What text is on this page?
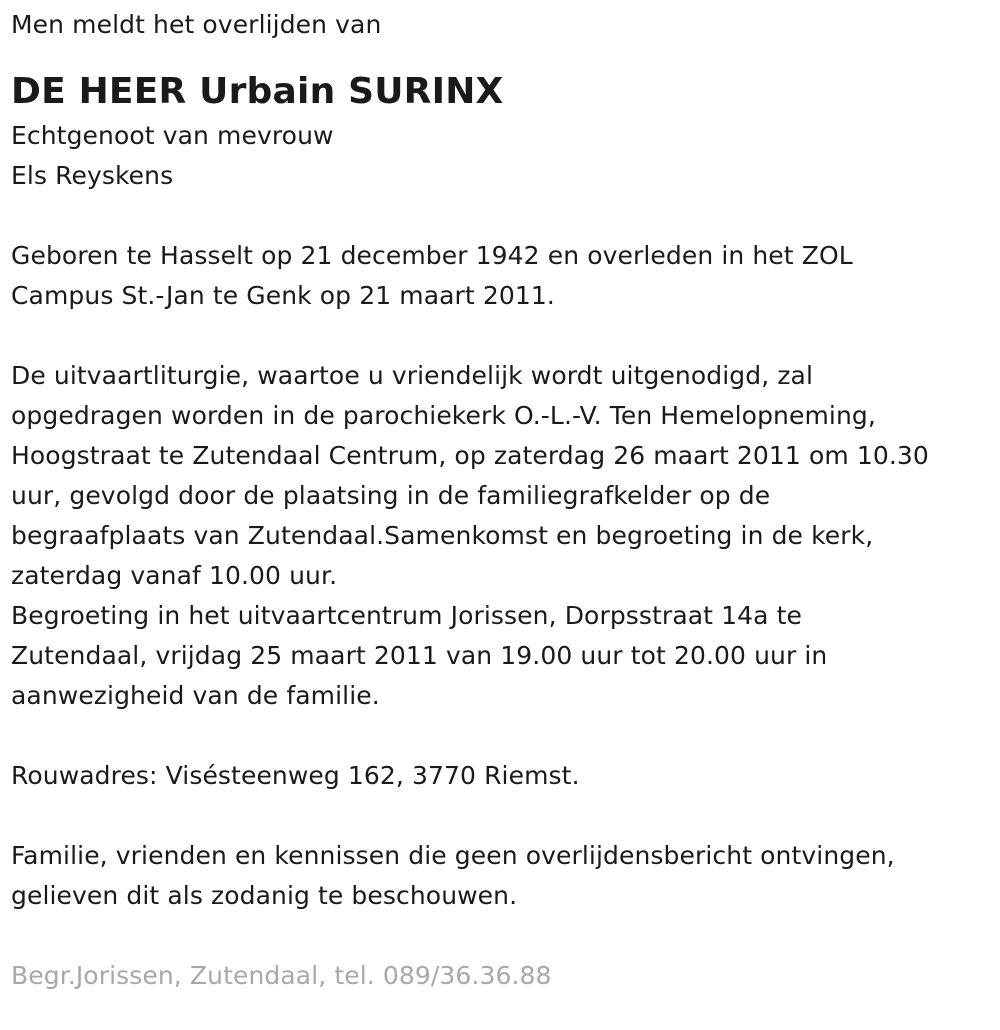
Men meldt het overlijden van
DE HEER Urbain SURINX
Echtgenoot van mevrouw
Els Reyskens
Geboren te Hasselt op 21 december 1942 en overleden in het ZOL
Campus St.-Jan te Genk op 21 maart 2011.
De uitvaartliturgie, waartoe u vriendelijk wordt uitgenodigd, zal
opgedragen worden in de parochiekerk O.-L.-V. Ten Hemelopneming,
Hoogstraat te Zutendaal Centrum, op zaterdag 26 maart 2011 om 10.30
uur, gevolgd door de plaatsing in de familiegrafkelder op de
begraafplaats van Zutendaal.Samenkomst en begroeting in de kerk,
zaterdag vanaf 10.00 uur.
Begroeting in het uitvaartcentrum Jorissen, Dorpsstraat 14a te
Zutendaal, vrijdag 25 maart 2011 van 19.00 uur tot 20.00 uur in
aanwezigheid van de familie.
Rouwadres: Visésteenweg 162, 3770 Riemst.
Familie, vrienden en kennissen die geen overlijdensbericht ontvingen,
gelieven dit als zodanig te beschouwen.
Begr.Jorissen, Zutendaal, tel. 089/36.36.88
